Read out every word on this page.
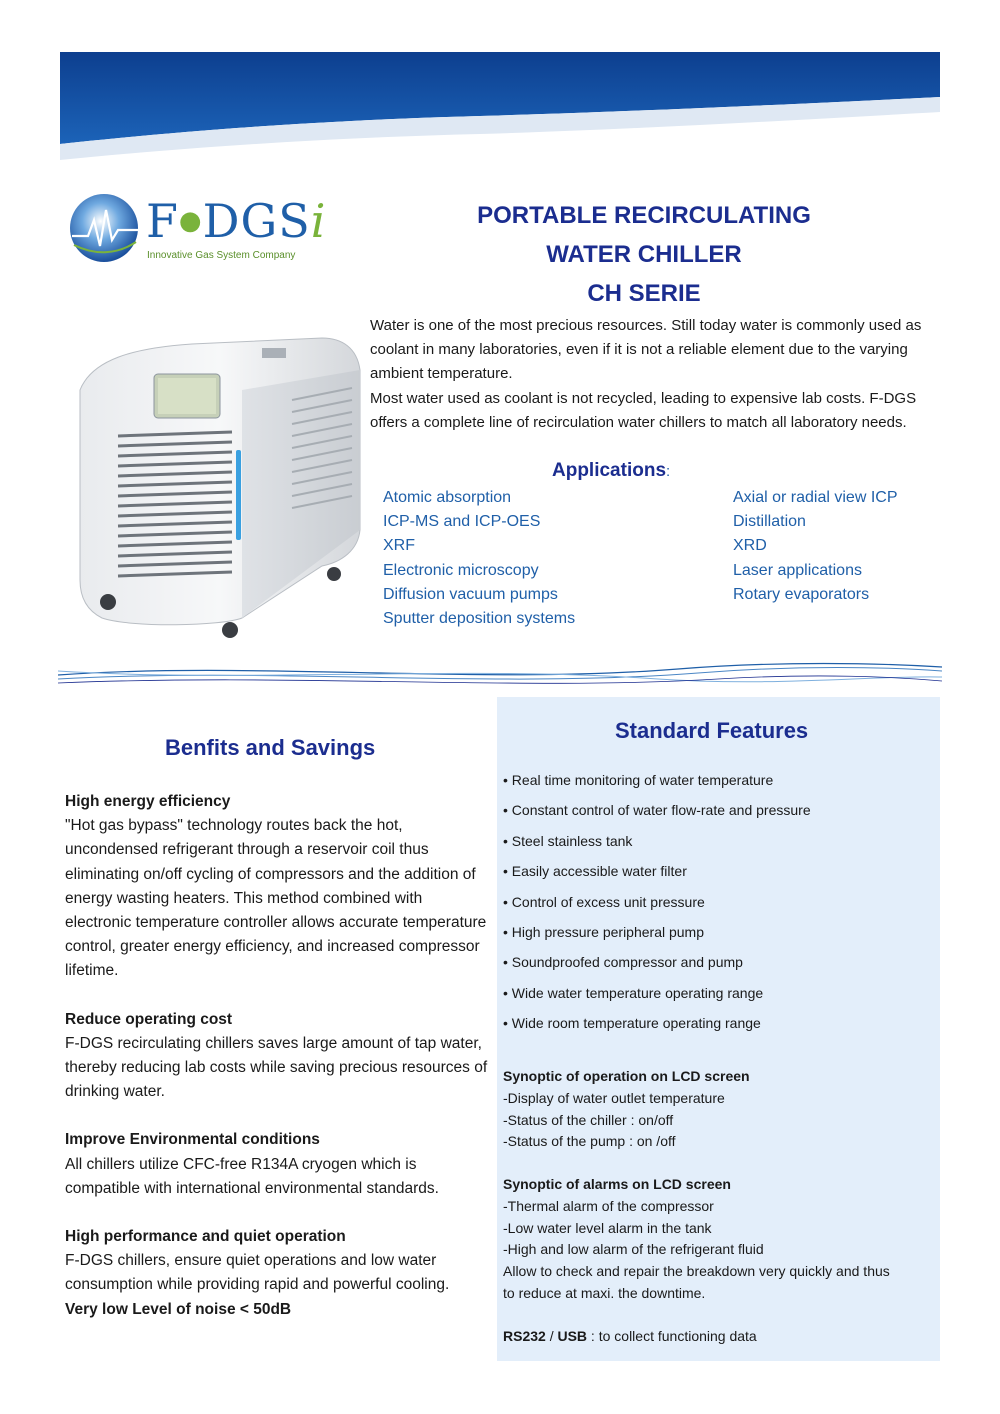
F●DGSi
Innovative Gas System Company
PORTABLE RECIRCULATING
WATER CHILLER
CH SERIE

Water is one of the most precious resources. Still today water is commonly used as coolant in many laboratories, even if it is not a reliable element due to the varying ambient temperature.

Most water used as coolant is not recycled, leading to expensive lab costs. F-DGS offers a complete line of recirculation water chillers to match all laboratory needs.

Applications:
Atomic absorption
ICP-MS and ICP-OES
XRF
Electronic microscopy
Diffusion vacuum pumps
Sputter deposition systems
Axial or radial view ICP
Distillation
XRD
Laser applications
Rotary evaporators
Benfits and Savings
Standard Features
High energy efficiency
"Hot gas bypass" technology routes back the hot, uncondensed refrigerant through a reservoir coil thus eliminating on/off cycling of compressors and the addition of energy wasting heaters. This method combined with electronic temperature controller allows accurate temperature control, greater energy efficiency, and increased compressor lifetime.
Reduce operating cost
F-DGS recirculating chillers saves large amount of tap water, thereby reducing lab costs while saving precious resources of drinking water.
Improve Environmental conditions
All chillers utilize CFC-free R134A cryogen which is compatible with international environmental standards.
High performance and quiet operation
F-DGS chillers, ensure quiet operations and low water consumption while providing rapid and powerful cooling.
Very low Level of noise < 50dB
• Real time monitoring of water temperature
• Constant control of water flow-rate and pressure
• Steel stainless tank
• Easily accessible water filter
• Control of excess unit pressure
• High pressure peripheral pump
• Soundproofed compressor and pump
• Wide water temperature operating range
• Wide room temperature operating range
Synoptic of operation on LCD screen
-Display of water outlet temperature
-Status of the chiller : on/off
-Status of the pump : on /off
Synoptic of alarms on LCD screen
-Thermal alarm of the compressor
-Low water level alarm in the tank
-High and low alarm of the refrigerant fluid
Allow to check and repair the breakdown very quickly and thus
to reduce at maxi. the downtime.
RS232 / USB : to collect functioning data
